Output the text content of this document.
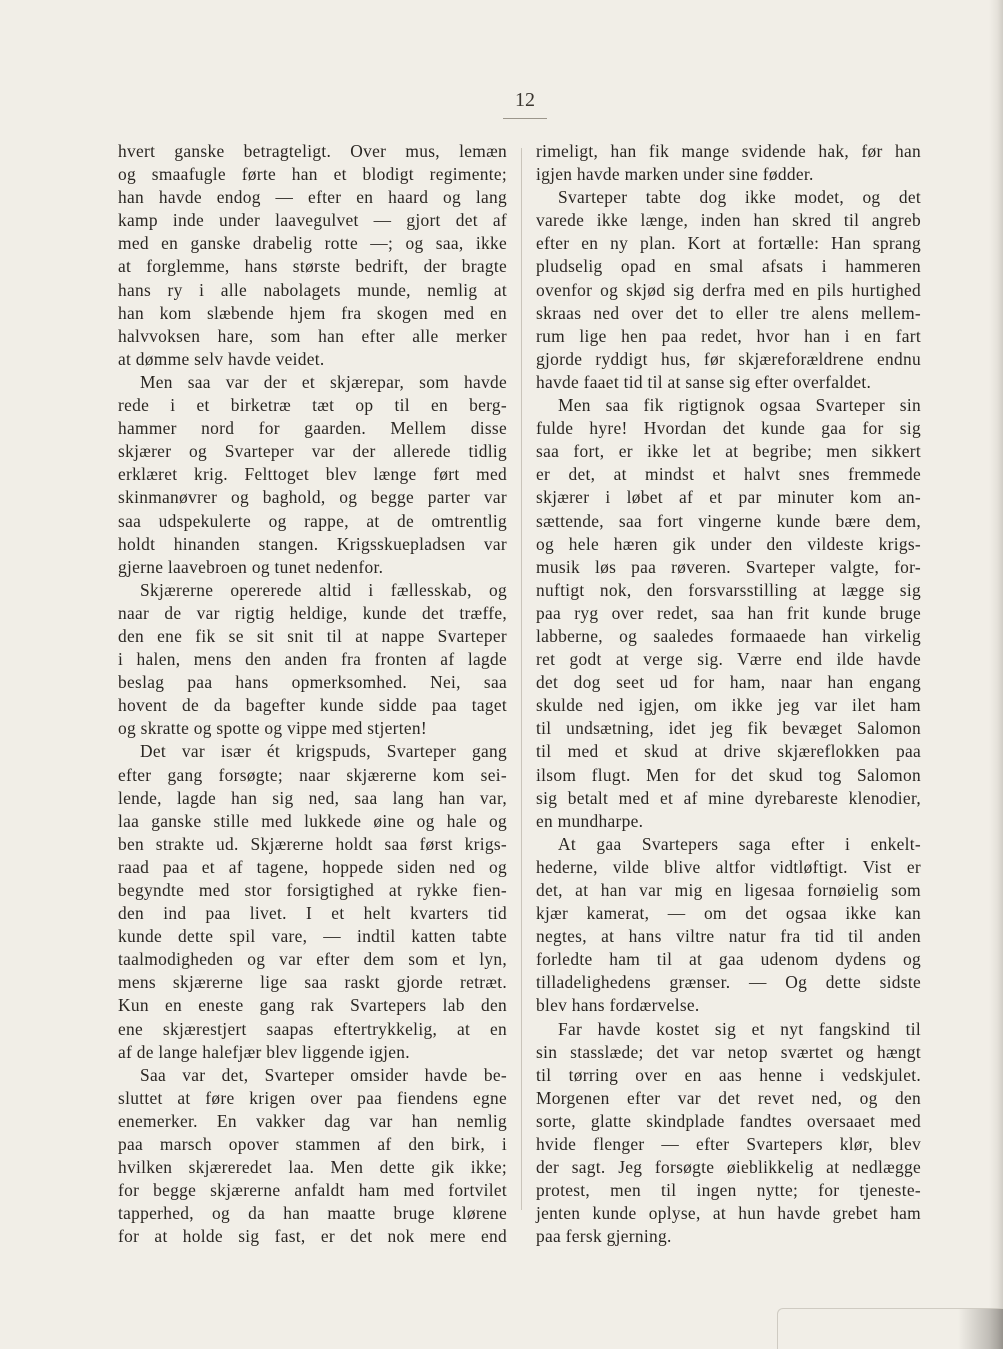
12
hvert ganske betragteligt. Over mus, lemæn
og smaafugle førte han et blodigt regimente;
han havde endog — efter en haard og lang
kamp inde under laavegulvet — gjort det af
med en ganske drabelig rotte —; og saa, ikke
at forglemme, hans største bedrift, der bragte
hans ry i alle nabolagets munde, nemlig at
han kom slæbende hjem fra skogen med en
halvvoksen hare, som han efter alle merker
at dømme selv havde veidet.
Men saa var der et skjærepar, som havde
rede i et birketræ tæt op til en berg-
hammer nord for gaarden. Mellem disse
skjærer og Svarteper var der allerede tidlig
erklæret krig. Felttoget blev længe ført med
skinmanøvrer og baghold, og begge parter var
saa udspekulerte og rappe, at de omtrentlig
holdt hinanden stangen. Krigsskuepladsen var
gjerne laavebroen og tunet nedenfor.
Skjærerne opererede altid i fællesskab, og
naar de var rigtig heldige, kunde det træffe,
den ene fik se sit snit til at nappe Svarteper
i halen, mens den anden fra fronten af lagde
beslag paa hans opmerksomhed. Nei, saa
hovent de da bagefter kunde sidde paa taget
og skratte og spotte og vippe med stjerten!
Det var især ét krigspuds, Svarteper gang
efter gang forsøgte; naar skjærerne kom sei-
lende, lagde han sig ned, saa lang han var,
laa ganske stille med lukkede øine og hale og
ben strakte ud. Skjærerne holdt saa først krigs-
raad paa et af tagene, hoppede siden ned og
begyndte med stor forsigtighed at rykke fien-
den ind paa livet. I et helt kvarters tid
kunde dette spil vare, — indtil katten tabte
taalmodigheden og var efter dem som et lyn,
mens skjærerne lige saa raskt gjorde retræt.
Kun en eneste gang rak Svartepers lab den
ene skjærestjert saapas eftertrykkelig, at en
af de lange halefjær blev liggende igjen.
Saa var det, Svarteper omsider havde be-
sluttet at føre krigen over paa fiendens egne
enemerker. En vakker dag var han nemlig
paa marsch opover stammen af den birk, i
hvilken skjæreredet laa. Men dette gik ikke;
for begge skjærerne anfaldt ham med fortvilet
tapperhed, og da han maatte bruge klørene
for at holde sig fast, er det nok mere end
rimeligt, han fik mange svidende hak, før han
igjen havde marken under sine fødder.
Svarteper tabte dog ikke modet, og det
varede ikke længe, inden han skred til angreb
efter en ny plan. Kort at fortælle: Han sprang
pludselig opad en smal afsats i hammeren
ovenfor og skjød sig derfra med en pils hurtighed
skraas ned over det to eller tre alens mellem-
rum lige hen paa redet, hvor han i en fart
gjorde ryddigt hus, før skjæreforældrene endnu
havde faaet tid til at sanse sig efter overfaldet.
Men saa fik rigtignok ogsaa Svarteper sin
fulde hyre! Hvordan det kunde gaa for sig
saa fort, er ikke let at begribe; men sikkert
er det, at mindst et halvt snes fremmede
skjærer i løbet af et par minuter kom an-
sættende, saa fort vingerne kunde bære dem,
og hele hæren gik under den vildeste krigs-
musik løs paa røveren. Svarteper valgte, for-
nuftigt nok, den forsvarsstilling at lægge sig
paa ryg over redet, saa han frit kunde bruge
labberne, og saaledes formaaede han virkelig
ret godt at verge sig. Værre end ilde havde
det dog seet ud for ham, naar han engang
skulde ned igjen, om ikke jeg var ilet ham
til undsætning, idet jeg fik bevæget Salomon
til med et skud at drive skjæreflokken paa
ilsom flugt. Men for det skud tog Salomon
sig betalt med et af mine dyrebareste klenodier,
en mundharpe.
At gaa Svartepers saga efter i enkelt-
hederne, vilde blive altfor vidtløftigt. Vist er
det, at han var mig en ligesaa fornøielig som
kjær kamerat, — om det ogsaa ikke kan
negtes, at hans viltre natur fra tid til anden
forledte ham til at gaa udenom dydens og
tilladelighedens grænser. — Og dette sidste
blev hans fordærvelse.
Far havde kostet sig et nyt fangskind til
sin stasslæde; det var netop sværtet og hængt
til tørring over en aas henne i vedskjulet.
Morgenen efter var det revet ned, og den
sorte, glatte skindplade fandtes oversaaet med
hvide flenger — efter Svartepers klør, blev
der sagt. Jeg forsøgte øieblikkelig at nedlægge
protest, men til ingen nytte; for tjeneste-
jenten kunde oplyse, at hun havde grebet ham
paa fersk gjerning.
